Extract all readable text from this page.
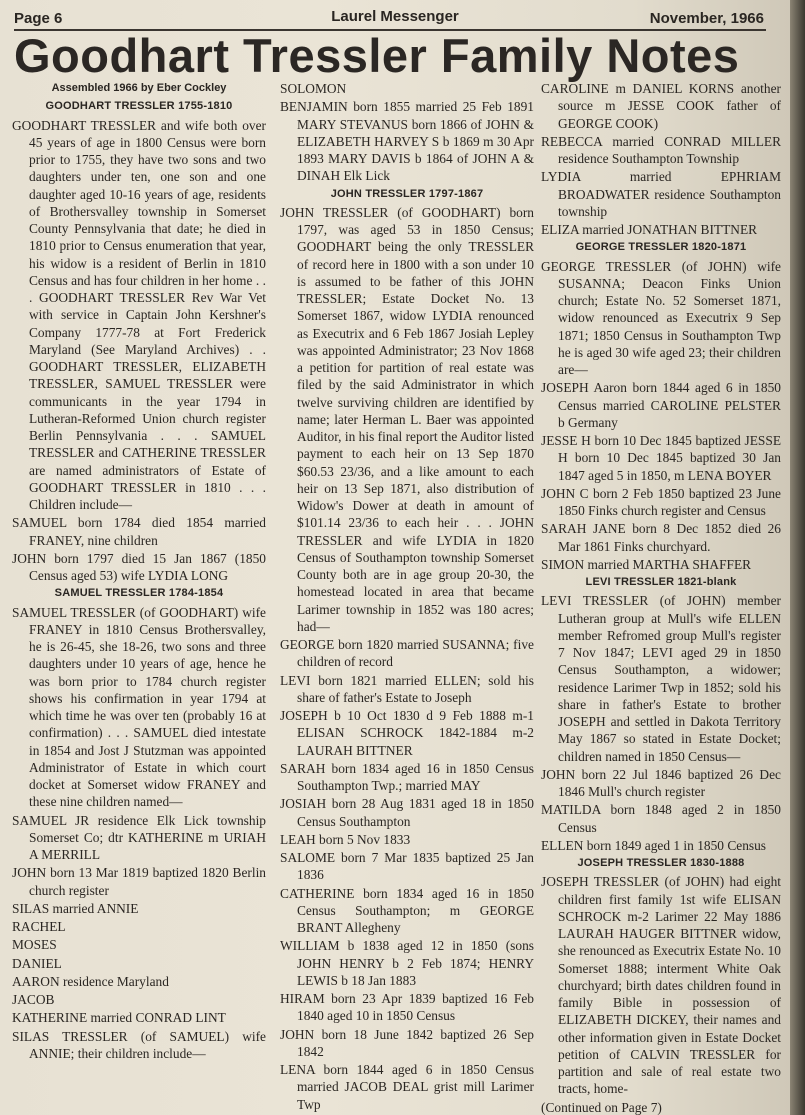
Page 6	Laurel Messenger	November, 1966
Goodhart Tressler Family Notes
Assembled 1966 by Eber Cockley
GOODHART TRESSLER 1755-1810
GOODHART TRESSLER and wife both over 45 years of age in 1800 Census were born prior to 1755, they have two sons and two daughters under ten, one son and one daughter aged 10-16 years of age, residents of Brothersvalley township in Somerset County Pennsylvania that date; he died in 1810 prior to Census enumeration that year, his widow is a resident of Berlin in 1810 Census and has four children in her home . . . GOODHART TRESSLER Rev War Vet with service in Captain John Kershner's Company 1777-78 at Fort Frederick Maryland (See Maryland Archives) . . GOODHART TRESSLER, ELIZABETH TRESSLER, SAMUEL TRESSLER were communicants in the year 1794 in Lutheran-Reformed Union church register Berlin Pennsylvania . . . SAMUEL TRESSLER and CATHERINE TRESSLER are named administrators of Estate of GOODHART TRESSLER in 1810 . . . Children include—
SAMUEL born 1784 died 1854 married FRANEY, nine children
JOHN born 1797 died 15 Jan 1867 (1850 Census aged 53) wife LYDIA LONG
SAMUEL TRESSLER 1784-1854
SAMUEL TRESSLER (of GOODHART) wife FRANEY in 1810 Census Brothersvalley, he is 26-45, she 18-26, two sons and three daughters under 10 years of age, hence he was born prior to 1784 church register shows his confirmation in year 1794 at which time he was over ten (probably 16 at confirmation) . . . SAMUEL died intestate in 1854 and Jost J Stutzman was appointed Administrator of Estate in which court docket at Somerset widow FRANEY and these nine children named—
SAMUEL JR residence Elk Lick township Somerset Co; dtr KATHERINE m URIAH A MERRILL
JOHN born 13 Mar 1819 baptized 1820 Berlin church register
SILAS married ANNIE
RACHEL
MOSES
DANIEL
AARON residence Maryland
JACOB
KATHERINE married CONRAD LINT
SILAS TRESSLER (of SAMUEL) wife ANNIE; their children include—
SOLOMON
BENJAMIN born 1855 married 25 Feb 1891 MARY STEVANUS born 1866 of JOHN & ELIZABETH HARVEY S b 1869 m 30 Apr 1893 MARY DAVIS b 1864 of JOHN A & DINAH Elk Lick
JOHN TRESSLER 1797-1867
JOHN TRESSLER (of GOODHART) born 1797, was aged 53 in 1850 Census; GOODHART being the only TRESSLER of record here in 1800 with a son under 10 is assumed to be father of this JOHN TRESSLER; Estate Docket No. 13 Somerset 1867, widow LYDIA renounced as Executrix and 6 Feb 1867 Josiah Lepley was appointed Administrator; 23 Nov 1868 a petition for partition of real estate was filed by the said Administrator in which twelve surviving children are identified by name; later Herman L. Baer was appointed Auditor, in his final report the Auditor listed payment to each heir on 13 Sep 1870 $60.53 23/36, and a like amount to each heir on 13 Sep 1871, also distribution of Widow's Dower at death in amount of $101.14 23/36 to each heir . . . JOHN TRESSLER and wife LYDIA in 1820 Census of Southampton township Somerset County both are in age group 20-30, the homestead located in area that became Larimer township in 1852 was 180 acres; had—
GEORGE born 1820 married SUSANNA; five children of record
LEVI born 1821 married ELLEN; sold his share of father's Estate to Joseph
JOSEPH b 10 Oct 1830 d 9 Feb 1888 m-1 ELISAN SCHROCK 1842-1884 m-2 LAURAH BITTNER
SARAH born 1834 aged 16 in 1850 Census Southampton Twp.; married MAY
JOSIAH born 28 Aug 1831 aged 18 in 1850 Census Southampton
LEAH born 5 Nov 1833
SALOME born 7 Mar 1835 baptized 25 Jan 1836
CATHERINE born 1834 aged 16 in 1850 Census Southampton; m GEORGE BRANT Allegheny
WILLIAM b 1838 aged 12 in 1850 (sons JOHN HENRY b 2 Feb 1874; HENRY LEWIS b 18 Jan 1883
HIRAM born 23 Apr 1839 baptized 16 Feb 1840 aged 10 in 1850 Census
JOHN born 18 June 1842 baptized 26 Sep 1842
LENA born 1844 aged 6 in 1850 Census married JACOB DEAL grist mill Larimer Twp
CAROLINE m DANIEL KORNS another source m JESSE COOK father of GEORGE COOK)
REBECCA married CONRAD MILLER residence Southampton Township
LYDIA married EPHRIAM BROADWATER residence Southampton township
ELIZA married JONATHAN BITTNER
GEORGE TRESSLER 1820-1871
GEORGE TRESSLER (of JOHN) wife SUSANNA; Deacon Finks Union church; Estate No. 52 Somerset 1871, widow renounced as Executrix 9 Sep 1871; 1850 Census in Southampton Twp he is aged 30 wife aged 23; their children are—
JOSEPH Aaron born 1844 aged 6 in 1850 Census married CAROLINE PELSTER b Germany
JESSE H born 10 Dec 1845 baptized JESSE H born 10 Dec 1845 baptized 30 Jan 1847 aged 5 in 1850, m LENA BOYER
JOHN C born 2 Feb 1850 baptized 23 June 1850 Finks church register and Census
SARAH JANE born 8 Dec 1852 died 26 Mar 1861 Finks churchyard.
SIMON married MARTHA SHAFFER
LEVI TRESSLER 1821-blank
LEVI TRESSLER (of JOHN) member Lutheran group at Mull's wife ELLEN member Refromed group Mull's register 7 Nov 1847; LEVI aged 29 in 1850 Census Southampton, a widower; residence Larimer Twp in 1852; sold his share in father's Estate to brother JOSEPH and settled in Dakota Territory May 1867 so stated in Estate Docket; children named in 1850 Census—
JOHN born 22 Jul 1846 baptized 26 Dec 1846 Mull's church register
MATILDA born 1848 aged 2 in 1850 Census
ELLEN born 1849 aged 1 in 1850 Census
JOSEPH TRESSLER 1830-1888
JOSEPH TRESSLER (of JOHN) had eight children first family 1st wife ELISAN SCHROCK m-2 Larimer 22 May 1886 LAURAH HAUGER BITTNER widow, she renounced as Executrix Estate No. 10 Somerset 1888; interment White Oak churchyard; birth dates children found in family Bible in possession of ELIZABETH DICKEY, their names and other information given in Estate Docket petition of CALVIN TRESSLER for partition and sale of real estate two tracts, home-
(Continued on Page 7)
